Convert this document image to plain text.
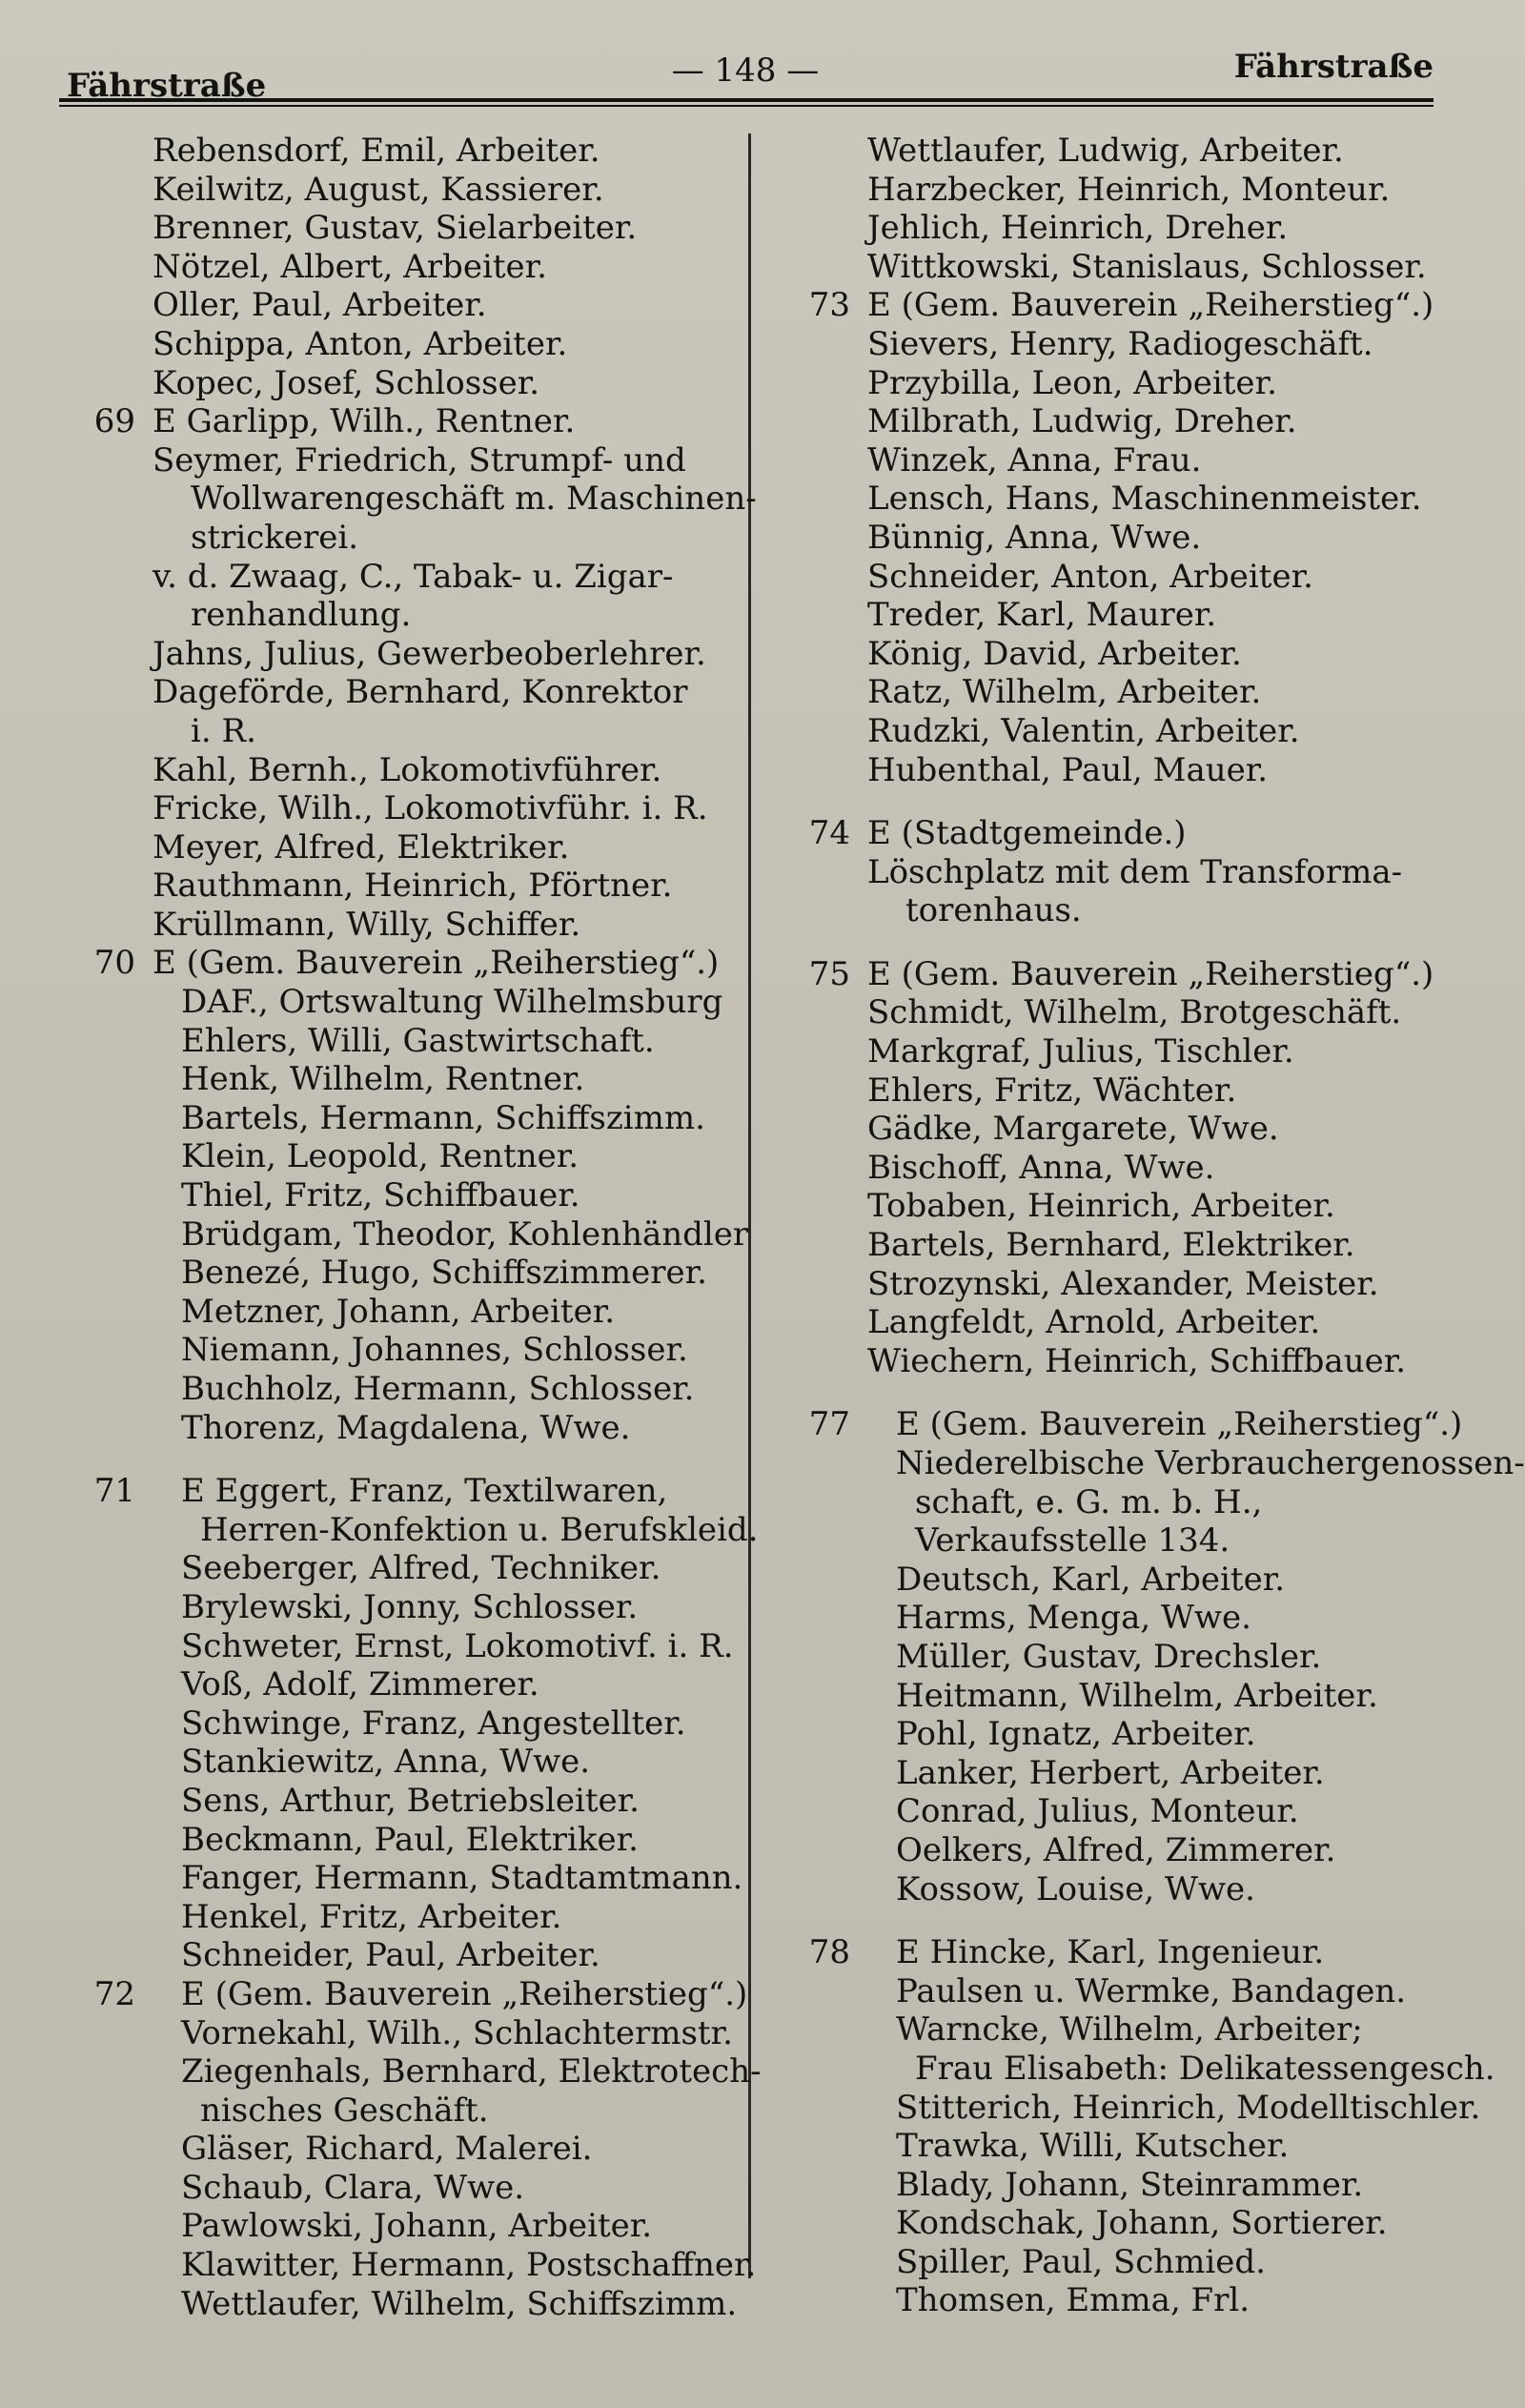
Fährstraße	— 148 —	Fährstraße
Rebensdorf, Emil, Arbeiter.
Keilwitz, August, Kassierer.
Brenner, Gustav, Sielarbeiter.
Nötzel, Albert, Arbeiter.
Oller, Paul, Arbeiter.
Schippa, Anton, Arbeiter.
Kopec, Josef, Schlosser.
69 E Garlipp, Wilh., Rentner.
Seymer, Friedrich, Strumpf- und
Wollwarengeschäft m. Maschinen-
strickerei.
v. d. Zwaag, C., Tabak- u. Zigar-
renhandlung.
Jahns, Julius, Gewerbeoberlehrer.
Dageförde, Bernhard, Konrektor
i. R.
Kahl, Bernh., Lokomotivführer.
Fricke, Wilh., Lokomotivführ. i. R.
Meyer, Alfred, Elektriker.
Rauthmann, Heinrich, Pförtner.
Krüllmann, Willy, Schiffer.
70 E (Gem. Bauverein „Reiherstieg“.)
DAF., Ortswaltung Wilhelmsburg
Ehlers, Willi, Gastwirtschaft.
Henk, Wilhelm, Rentner.
Bartels, Hermann, Schiffszimm.
Klein, Leopold, Rentner.
Thiel, Fritz, Schiffbauer.
Brüdgam, Theodor, Kohlenhändler
Benezé, Hugo, Schiffszimmerer.
Metzner, Johann, Arbeiter.
Niemann, Johannes, Schlosser.
Buchholz, Hermann, Schlosser.
Thorenz, Magdalena, Wwe.
71 E Eggert, Franz, Textilwaren,
Herren-Konfektion u. Berufskleid.
Seeberger, Alfred, Techniker.
Brylewski, Jonny, Schlosser.
Schweter, Ernst, Lokomotivf. i. R.
Voß, Adolf, Zimmerer.
Schwinge, Franz, Angestellter.
Stankiewitz, Anna, Wwe.
Sens, Arthur, Betriebsleiter.
Beckmann, Paul, Elektriker.
Fanger, Hermann, Stadtamtmann.
Henkel, Fritz, Arbeiter.
Schneider, Paul, Arbeiter.
72 E (Gem. Bauverein „Reiherstieg“.)
Vornekahl, Wilh., Schlachtermstr.
Ziegenhals, Bernhard, Elektrotech-
nisches Geschäft.
Gläser, Richard, Malerei.
Schaub, Clara, Wwe.
Pawlowski, Johann, Arbeiter.
Klawitter, Hermann, Postschaffner.
Wettlaufer, Wilhelm, Schiffszimm.
Wettlaufer, Ludwig, Arbeiter.
Harzbecker, Heinrich, Monteur.
Jehlich, Heinrich, Dreher.
Wittkowski, Stanislaus, Schlosser.
73 E (Gem. Bauverein „Reiherstieg“.)
Sievers, Henry, Radiogeschäft.
Przybilla, Leon, Arbeiter.
Milbrath, Ludwig, Dreher.
Winzek, Anna, Frau.
Lensch, Hans, Maschinenmeister.
Bünnig, Anna, Wwe.
Schneider, Anton, Arbeiter.
Treder, Karl, Maurer.
König, David, Arbeiter.
Ratz, Wilhelm, Arbeiter.
Rudzki, Valentin, Arbeiter.
Hubenthal, Paul, Mauer.
74 E (Stadtgemeinde.)
Löschplatz mit dem Transforma-
torenhaus.
75 E (Gem. Bauverein „Reiherstieg“.)
Schmidt, Wilhelm, Brotgeschäft.
Markgraf, Julius, Tischler.
Ehlers, Fritz, Wächter.
Gädke, Margarete, Wwe.
Bischoff, Anna, Wwe.
Tobaben, Heinrich, Arbeiter.
Bartels, Bernhard, Elektriker.
Strozynski, Alexander, Meister.
Langfeldt, Arnold, Arbeiter.
Wiechern, Heinrich, Schiffbauer.
77 E (Gem. Bauverein „Reiherstieg“.)
Niederelbische Verbrauchergenossen-
schaft, e. G. m. b. H.,
Verkaufsstelle 134.
Deutsch, Karl, Arbeiter.
Harms, Menga, Wwe.
Müller, Gustav, Drechsler.
Heitmann, Wilhelm, Arbeiter.
Pohl, Ignatz, Arbeiter.
Lanker, Herbert, Arbeiter.
Conrad, Julius, Monteur.
Oelkers, Alfred, Zimmerer.
Kossow, Louise, Wwe.
78 E Hincke, Karl, Ingenieur.
Paulsen u. Wermke, Bandagen.
Warncke, Wilhelm, Arbeiter;
Frau Elisabeth: Delikatessengesch.
Stitterich, Heinrich, Modelltischler.
Trawka, Willi, Kutscher.
Blady, Johann, Steinrammer.
Kondschak, Johann, Sortierer.
Spiller, Paul, Schmied.
Thomsen, Emma, Frl.
